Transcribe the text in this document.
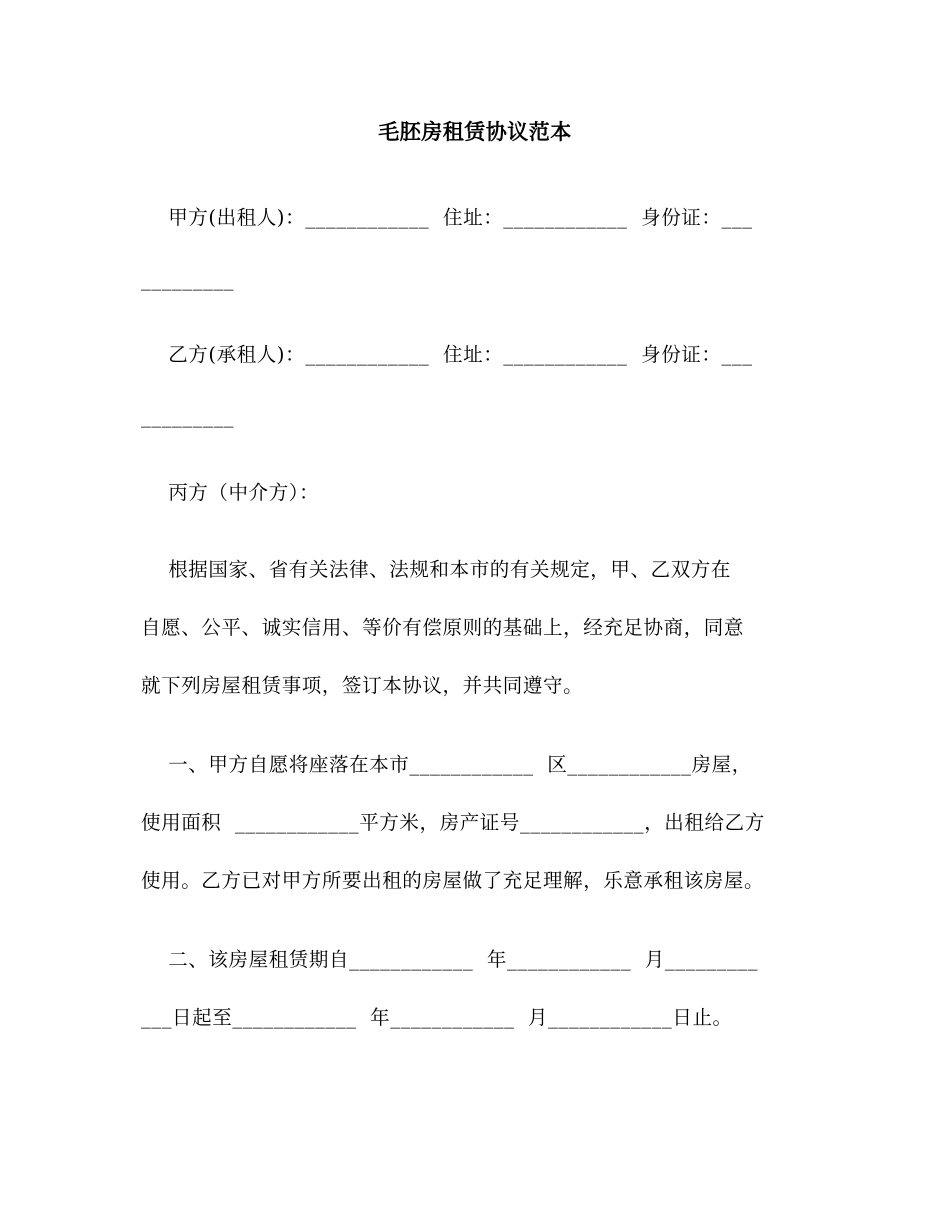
毛胚房租赁协议范本
甲方(出租人)：____________  住址：____________  身份证：___
_________
乙方(承租人)：____________  住址：____________  身份证：___
_________
丙方（中介方）：
根据国家、省有关法律、法规和本市的有关规定，甲、乙双方在
自愿、公平、诚实信用、等价有偿原则的基础上，经充足协商，同意
就下列房屋租赁事项，签订本协议，并共同遵守。
一、甲方自愿将座落在本市____________  区____________房屋，
使用面积  ____________平方米，房产证号____________，出租给乙方
使用。乙方已对甲方所要出租的房屋做了充足理解，乐意承租该房屋。
二、该房屋租赁期自____________  年____________  月_________
___日起至____________  年____________  月____________日止。
